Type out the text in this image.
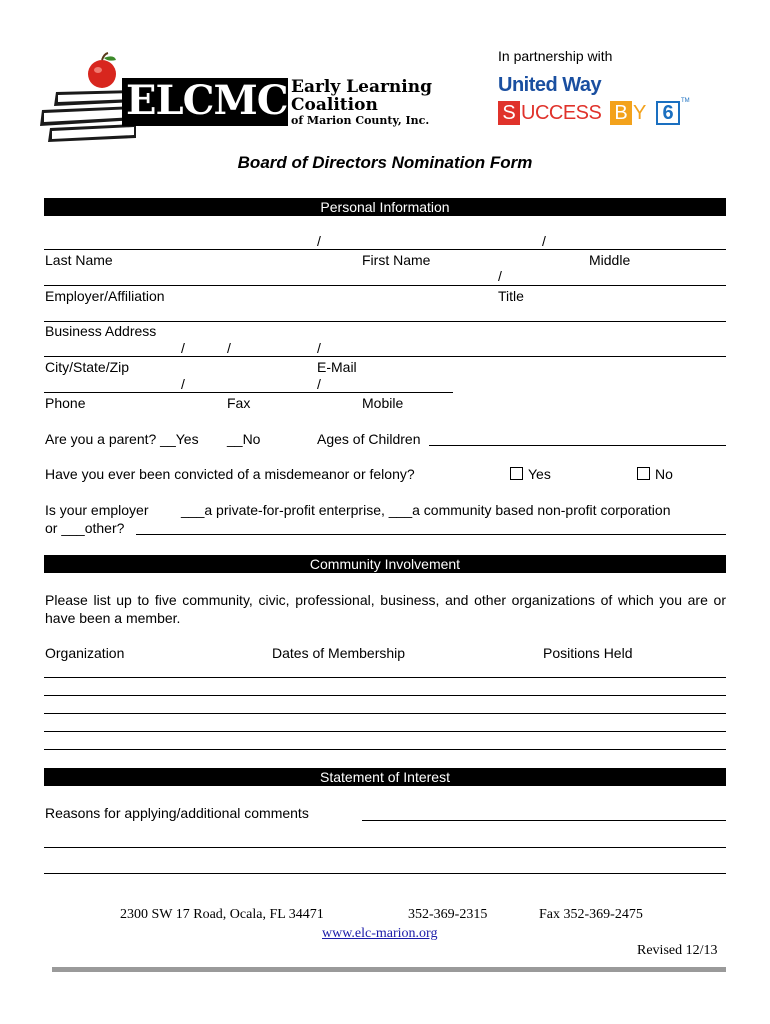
ELCMC Early Learning
Coalition
of Marion County, Inc.
In partnership with
United Way
S UCCESS B Y 6
TM
Board of Directors Nomination Form
Personal Information
/	/
Last Name	First Name	Middle
/
Employer/Affiliation	Title
Business Address
/	/	/
City/State/Zip	E-Mail
/	/
Phone	Fax	Mobile
Are you a parent? __Yes __No	Ages of Children
Have you ever been convicted of a misdemeanor or felony?	Yes	No
Is your employer ___a private-for-profit enterprise, ___a community based non-profit corporation
or ___other?
Community Involvement
Please list up to five community, civic, professional, business, and other organizations of which you are or have been a member.
Organization	Dates of Membership	Positions Held
Statement of Interest
Reasons for applying/additional comments
2300 SW 17 Road, Ocala, FL 34471	352-369-2315	Fax 352-369-2475
www.elc-marion.org
Revised 12/13
